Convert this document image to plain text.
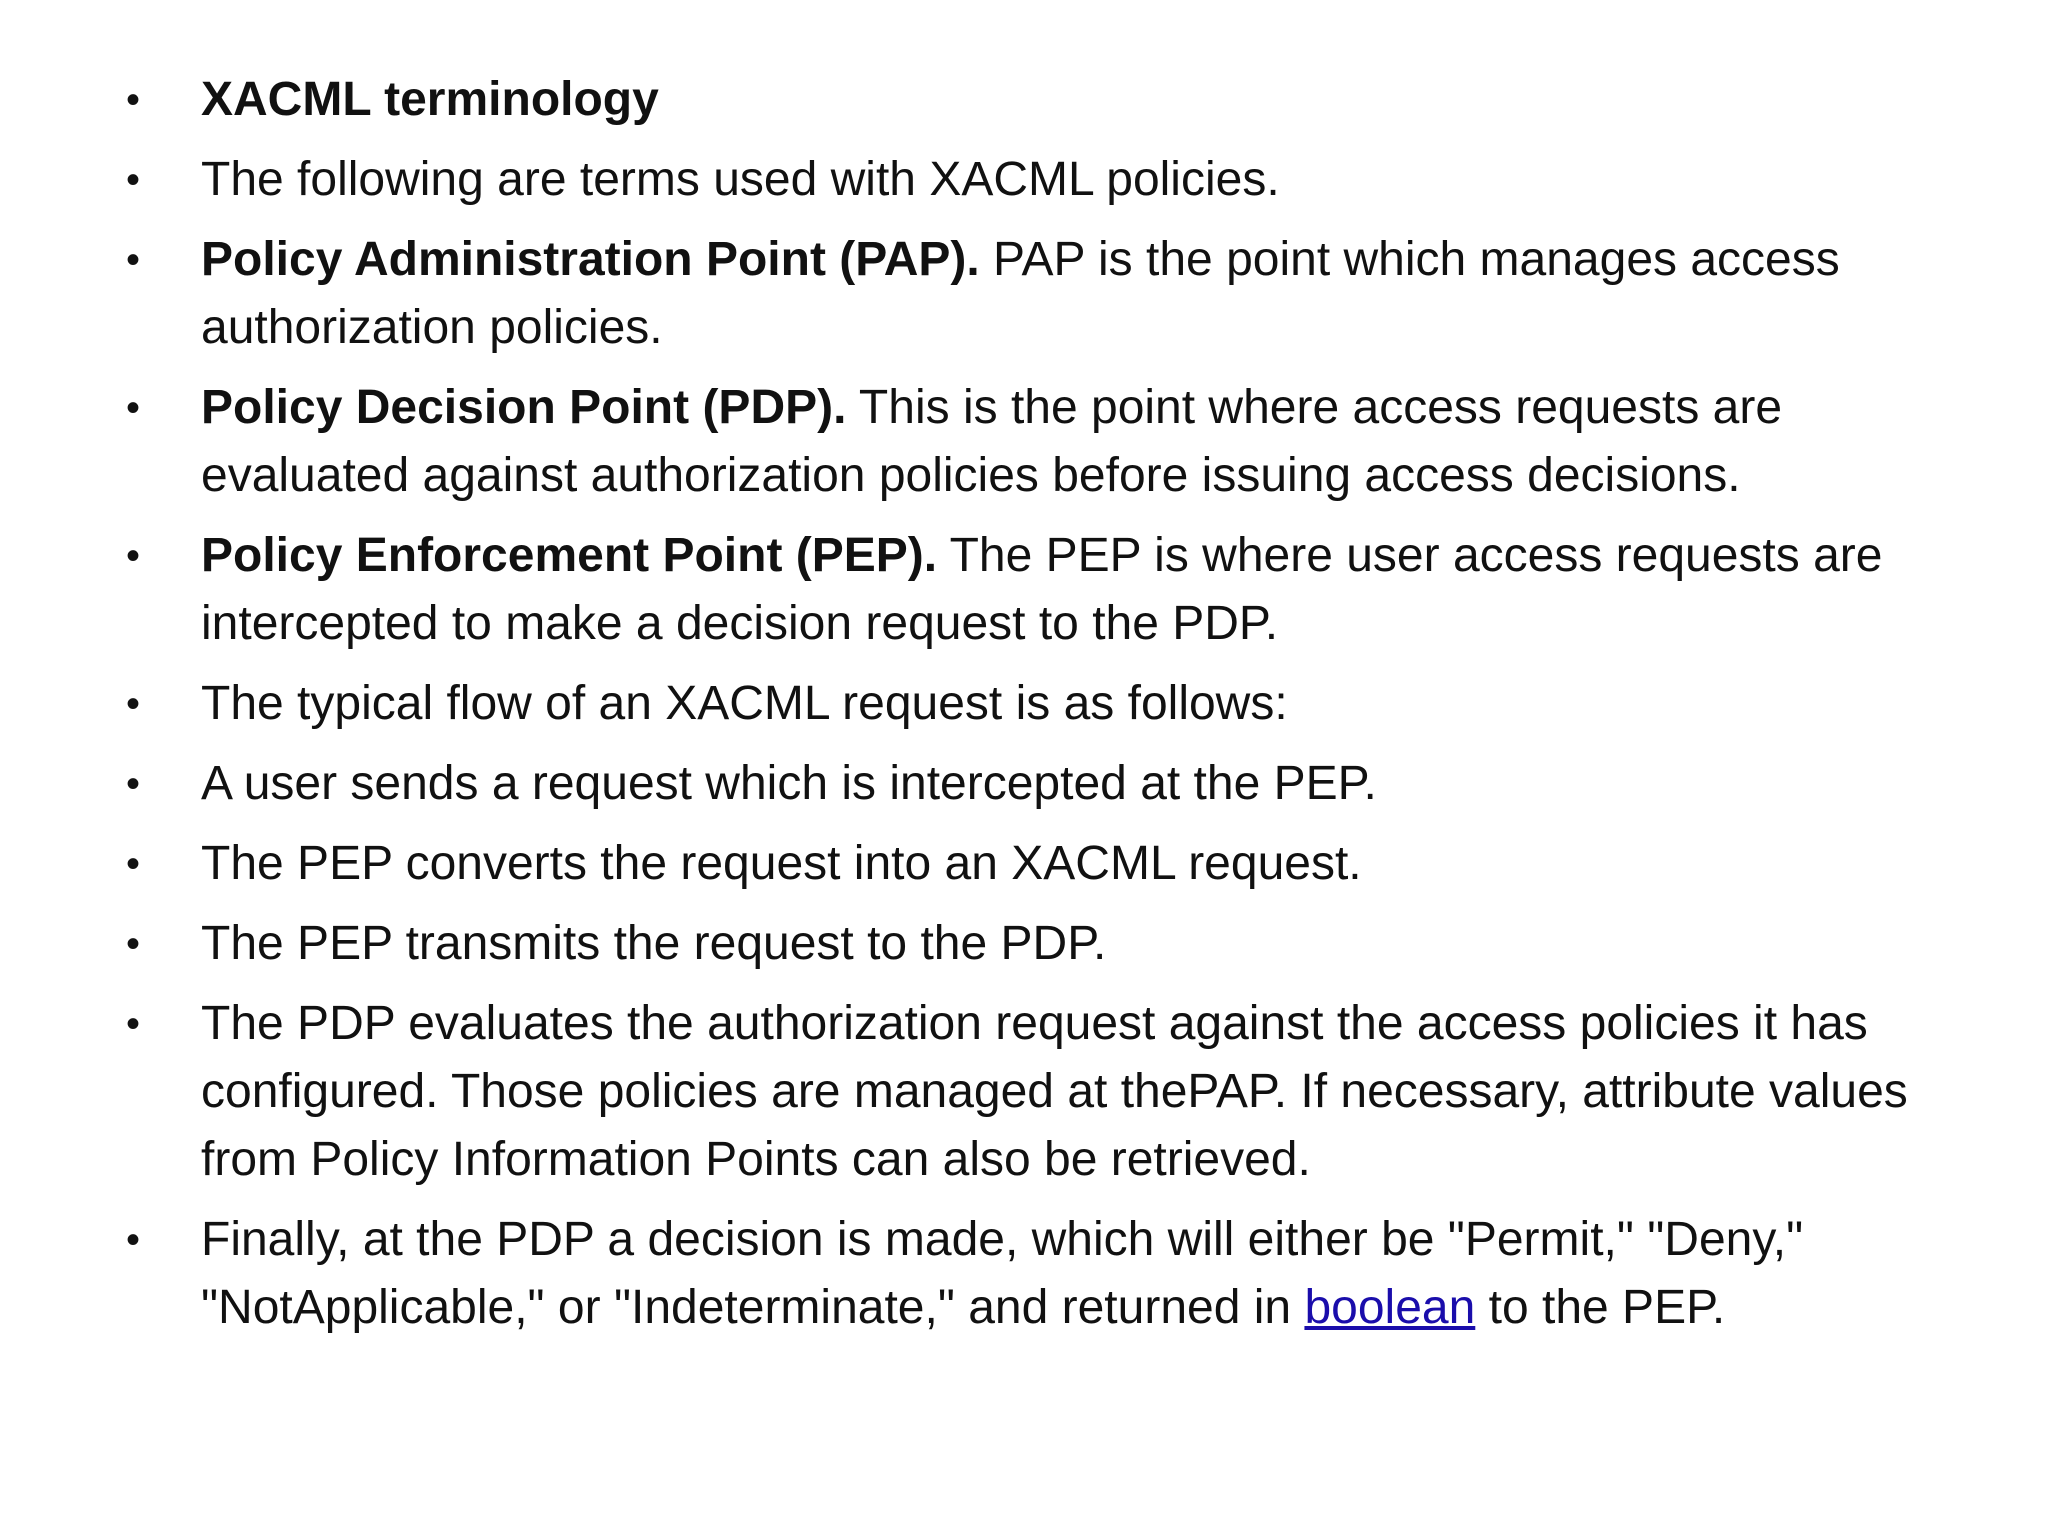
• XACML terminology
• The following are terms used with XACML policies.
• Policy Administration Point (PAP). PAP is the point which manages access authorization policies.
• Policy Decision Point (PDP). This is the point where access requests are evaluated against authorization policies before issuing access decisions.
• Policy Enforcement Point (PEP). The PEP is where user access requests are intercepted to make a decision request to the PDP.
• The typical flow of an XACML request is as follows:
• A user sends a request which is intercepted at the PEP.
• The PEP converts the request into an XACML request.
• The PEP transmits the request to the PDP.
• The PDP evaluates the authorization request against the access policies it has configured. Those policies are managed at thePAP. If necessary, attribute values from Policy Information Points can also be retrieved.
• Finally, at the PDP a decision is made, which will either be "Permit," "Deny," "NotApplicable," or "Indeterminate," and returned in boolean to the PEP.
